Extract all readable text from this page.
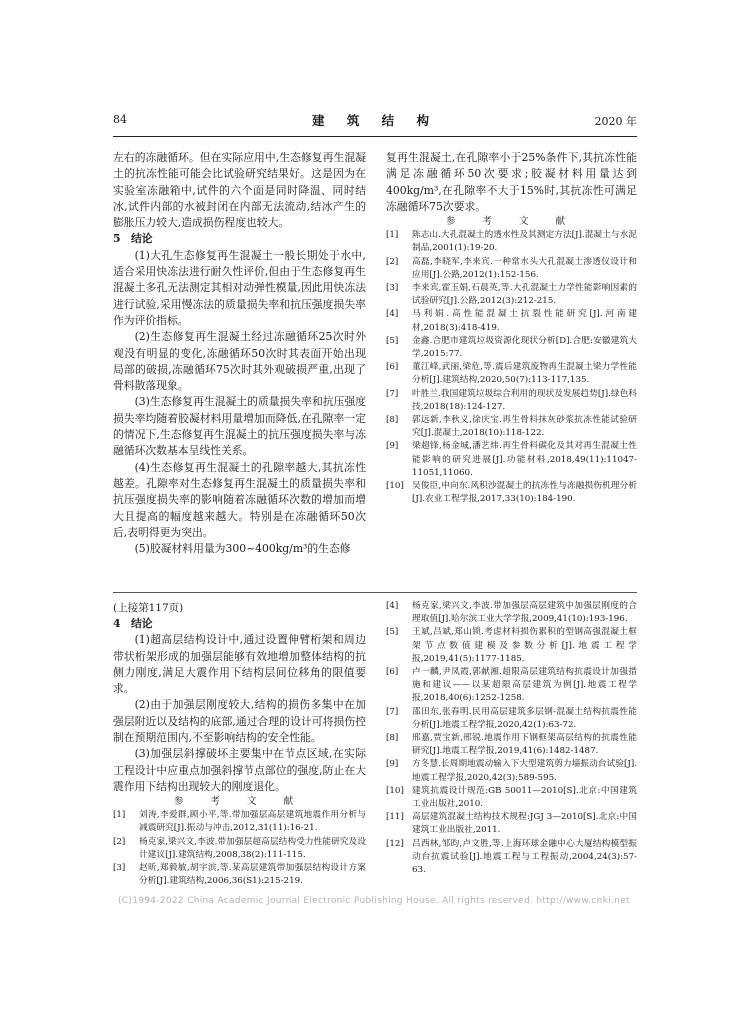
84	建 筑 结 构	2020 年

左右的冻融循环。但在实际应用中,生态修复再生混凝土的抗冻性能可能会比试验研究结果好。这是因为在实验室冻融箱中,试件的六个面是同时降温、同时结冰,试件内部的水被封闭在内部无法流动,结冰产生的膨胀压力较大,造成损伤程度也较大。

5 结论

(1)大孔生态修复再生混凝土一般长期处于水中,适合采用快冻法进行耐久性评价,但由于生态修复再生混凝土多孔无法测定其相对动弹性模量,因此用快冻法进行试验,采用慢冻法的质量损失率和抗压强度损失率作为评价指标。

(2)生态修复再生混凝土经过冻融循环25次时外观没有明显的变化,冻融循环50次时其表面开始出现局部的破损,冻融循环75次时其外观破损严重,出现了骨料散落现象。

(3)生态修复再生混凝土的质量损失率和抗压强度损失率均随着胶凝材料用量增加而降低,在孔隙率一定的情况下,生态修复再生混凝土的抗压强度损失率与冻融循环次数基本呈线性关系。

(4)生态修复再生混凝土的孔隙率越大,其抗冻性越差。孔隙率对生态修复再生混凝土的质量损失率和抗压强度损失率的影响随着冻融循环次数的增加而增大且提高的幅度越来越大。特别是在冻融循环50次后,表明得更为突出。

(5)胶凝材料用量为300~400kg/m³的生态修

复再生混凝土,在孔隙率小于25%条件下,其抗冻性能满足冻融循环50次要求;胶凝材料用量达到400kg/m³,在孔隙率不大于15%时,其抗冻性可满足冻融循环75次要求。

参 考 文 献

[1]	陈志山.大孔混凝土的透水性及其测定方法[J].混凝土与水泥制品,2001(1):19-20.
[2]	高磊,李晓军,李来宾.一种常水头大孔混凝土渗透仪设计和应用[J].公路,2012(1):152-156.
[3]	李来宾,霍玉娟,石晨英,等.大孔混凝土力学性能影响因素的试验研究[J].公路,2012(3):212-215.
[4]	马利娟.高性能混凝土抗裂性能研究[J].河南建材,2018(3):418-419.
[5]	金鑫.合肥市建筑垃圾资源化现状分析[D].合肥:安徽建筑大学,2015:77.
[6]	董江峰,武丽,梁危,等.震后建筑废物再生混凝土梁力学性能分析[J].建筑结构,2020,50(7):113-117,135.
[7]	叶胜兰.我国建筑垃圾综合利用的现状及发展趋势[J].绿色科技,2018(18):124-127.
[8]	郭远新,李秋义,徐庆宝.再生骨料抹灰砂浆抗冻性能试验研究[J].混凝土,2018(10):118-122.
[9]	梁超锋,杨金城,潘艺炜.再生骨料碳化及其对再生混凝土性能影响的研究进展[J].功能材料,2018,49(11):11047-11051,11060.
[10] 吴俊臣,申向东.风积沙混凝土的抗冻性与冻融损伤机理分析[J].农业工程学报,2017,33(10):184-190.

(上接第117页)

4 结论

(1)超高层结构设计中,通过设置伸臂桁架和周边带状桁架形成的加强层能够有效地增加整体结构的抗侧力刚度,满足大震作用下结构层间位移角的限值要求。

(2)由于加强层刚度较大,结构的损伤多集中在加强层附近以及结构的底部,通过合理的设计可将损伤控制在预期范围内,不至影响结构的安全性能。

(3)加强层斜撑破坏主要集中在节点区域,在实际工程设计中应重点加强斜撑节点部位的强度,防止在大震作用下结构出现较大的刚度退化。

参 考 文 献

[1]	刘涛,李爱群,顾小平,等.带加强层高层建筑地震作用分析与减震研究[J].振动与冲击,2012,31(11):16-21.
[2]	杨克家,梁兴文,李波.带加强层超高层结构受力性能研究及设计建议[J].建筑结构,2008,38(2):111-115.
[3]	赵昕,郑毅敏,胡宇滨,等.某高层建筑带加强层结构设计方案分析[J].建筑结构,2006,36(S1):215-219.
[4]	杨克家,梁兴文,李波.带加强层高层建筑中加强层刚度的合理取值[J].哈尔滨工业大学学报,2009,41(10):193-196.
[5]	王斌,吕斌,郑山锁.考虑材料损伤累积的型钢高强混凝土框架节点数值建模及参数分析[J].地震工程学报,2019,41(5):1177-1185.
[6]	卢一麟,尹凤霞,郭献湘.超限高层建筑结构抗震设计加强措施和建议——以某超限高层建筑为例[J].地震工程学报,2018,40(6):1252-1258.
[7]	邵田东,张春明.民用高层建筑多层钢-混凝土结构抗震性能分析[J].地震工程学报,2020,42(1):63-72.
[8]	邢嘉,贾宝新,邢锐.地震作用下钢框架高层结构的抗震性能研究[J].地震工程学报,2019,41(6):1482-1487.
[9]	方冬慧.长周期地震动输入下大型建筑剪力墙振动台试验[J].地震工程学报,2020,42(3):589-595.
[10] 建筑抗震设计规范:GB 50011—2010[S].北京:中国建筑工业出版社,2010.
[11] 高层建筑混凝土结构技术规程:JGJ 3—2010[S].北京:中国建筑工业出版社,2011.
[12] 吕西林,邹昀,卢文胜,等.上海环球金融中心大厦结构模型振动台抗震试验[J].地震工程与工程振动,2004,24(3):57-63.
(C)1994-2022 China Academic Journal Electronic Publishing House. All rights reserved. http://www.cnki.net
